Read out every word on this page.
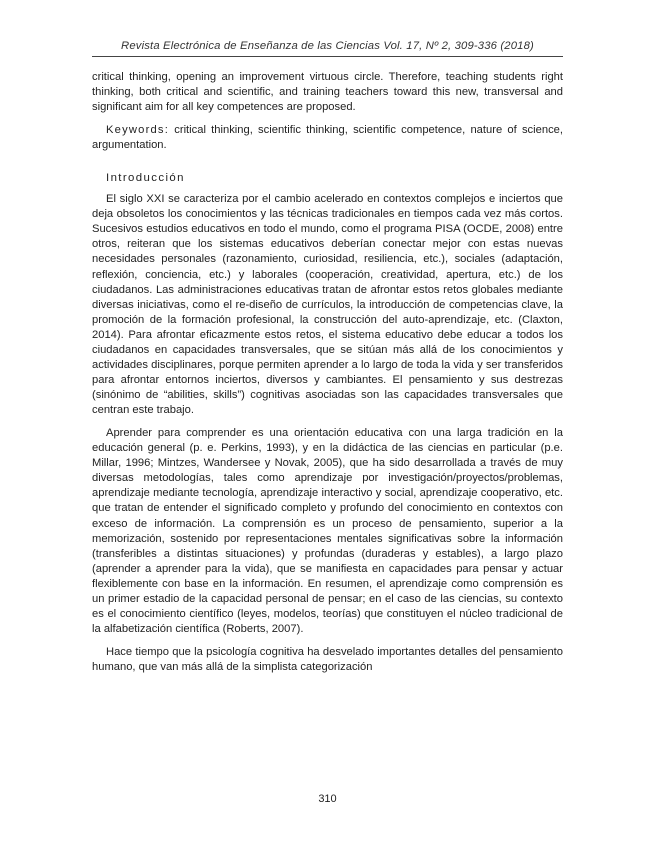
Revista Electrónica de Enseñanza de las Ciencias Vol. 17, Nº 2, 309-336 (2018)

critical thinking, opening an improvement virtuous circle. Therefore, teaching students right thinking, both critical and scientific, and training teachers toward this new, transversal and significant aim for all key competences are proposed.

Keywords: critical thinking, scientific thinking, scientific competence, nature of science, argumentation.

Introducción

El siglo XXI se caracteriza por el cambio acelerado en contextos complejos e inciertos que deja obsoletos los conocimientos y las técnicas tradicionales en tiempos cada vez más cortos. Sucesivos estudios educativos en todo el mundo, como el programa PISA (OCDE, 2008) entre otros, reiteran que los sistemas educativos deberían conectar mejor con estas nuevas necesidades personales (razonamiento, curiosidad, resiliencia, etc.), sociales (adaptación, reflexión, conciencia, etc.) y laborales (cooperación, creatividad, apertura, etc.) de los ciudadanos. Las administraciones educativas tratan de afrontar estos retos globales mediante diversas iniciativas, como el re-diseño de currículos, la introducción de competencias clave, la promoción de la formación profesional, la construcción del auto-aprendizaje, etc. (Claxton, 2014). Para afrontar eficazmente estos retos, el sistema educativo debe educar a todos los ciudadanos en capacidades transversales, que se sitúan más allá de los conocimientos y actividades disciplinares, porque permiten aprender a lo largo de toda la vida y ser transferidos para afrontar entornos inciertos, diversos y cambiantes. El pensamiento y sus destrezas (sinónimo de “abilities, skills”) cognitivas asociadas son las capacidades transversales que centran este trabajo.

Aprender para comprender es una orientación educativa con una larga tradición en la educación general (p. e. Perkins, 1993), y en la didáctica de las ciencias en particular (p.e. Millar, 1996; Mintzes, Wandersee y Novak, 2005), que ha sido desarrollada a través de muy diversas metodologías, tales como aprendizaje por investigación/proyectos/problemas, aprendizaje mediante tecnología, aprendizaje interactivo y social, aprendizaje cooperativo, etc. que tratan de entender el significado completo y profundo del conocimiento en contextos con exceso de información. La comprensión es un proceso de pensamiento, superior a la memorización, sostenido por representaciones mentales significativas sobre la información (transferibles a distintas situaciones) y profundas (duraderas y estables), a largo plazo (aprender a aprender para la vida), que se manifiesta en capacidades para pensar y actuar flexiblemente con base en la información. En resumen, el aprendizaje como comprensión es un primer estadio de la capacidad personal de pensar; en el caso de las ciencias, su contexto es el conocimiento científico (leyes, modelos, teorías) que constituyen el núcleo tradicional de la alfabetización científica (Roberts, 2007).

Hace tiempo que la psicología cognitiva ha desvelado importantes detalles del pensamiento humano, que van más allá de la simplista categorización

310
